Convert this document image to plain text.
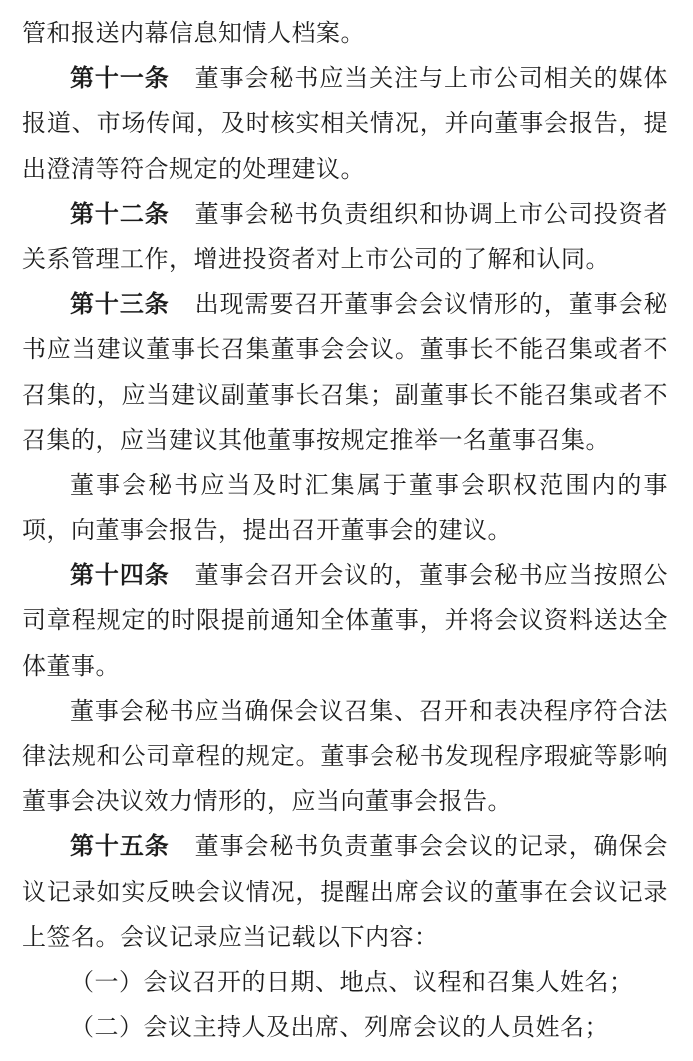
管和报送内幕信息知情人档案。
第十一条　董事会秘书应当关注与上市公司相关的媒体
报道、市场传闻，及时核实相关情况，并向董事会报告，提
出澄清等符合规定的处理建议。
第十二条　董事会秘书负责组织和协调上市公司投资者
关系管理工作，增进投资者对上市公司的了解和认同。
第十三条　出现需要召开董事会会议情形的，董事会秘
书应当建议董事长召集董事会会议。董事长不能召集或者不
召集的，应当建议副董事长召集；副董事长不能召集或者不
召集的，应当建议其他董事按规定推举一名董事召集。
董事会秘书应当及时汇集属于董事会职权范围内的事
项，向董事会报告，提出召开董事会的建议。
第十四条　董事会召开会议的，董事会秘书应当按照公
司章程规定的时限提前通知全体董事，并将会议资料送达全
体董事。
董事会秘书应当确保会议召集、召开和表决程序符合法
律法规和公司章程的规定。董事会秘书发现程序瑕疵等影响
董事会决议效力情形的，应当向董事会报告。
第十五条　董事会秘书负责董事会会议的记录，确保会
议记录如实反映会议情况，提醒出席会议的董事在会议记录
上签名。会议记录应当记载以下内容：
（一）会议召开的日期、地点、议程和召集人姓名；
（二）会议主持人及出席、列席会议的人员姓名；
